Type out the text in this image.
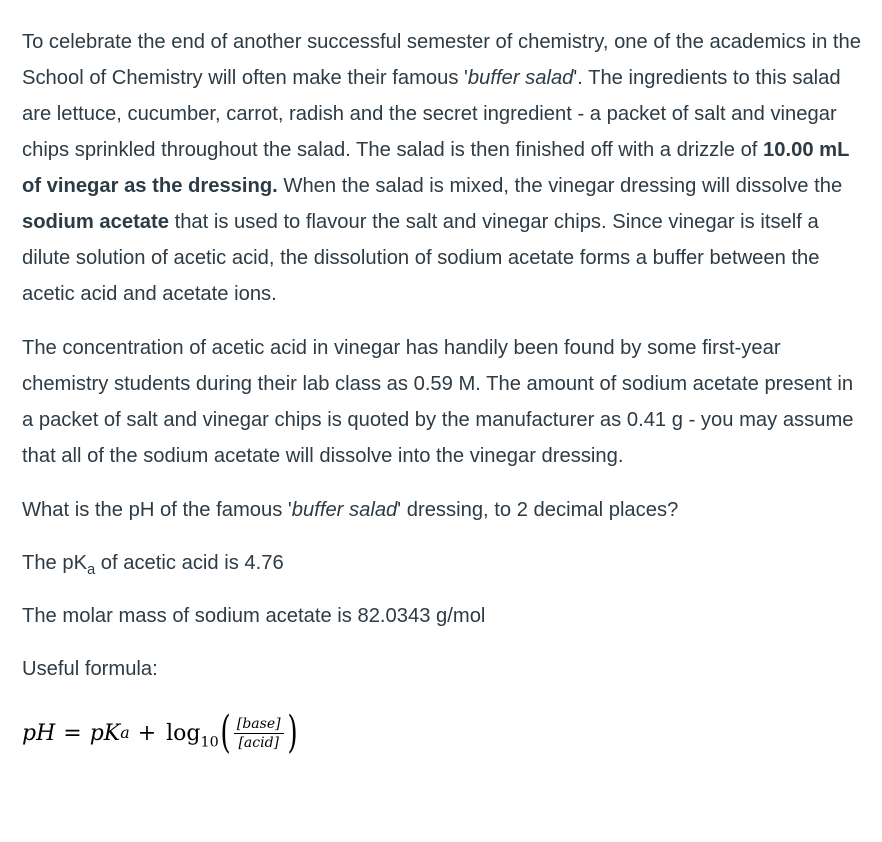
To celebrate the end of another successful semester of chemistry, one of the academics in the School of Chemistry will often make their famous 'buffer salad'. The ingredients to this salad are lettuce, cucumber, carrot, radish and the secret ingredient - a packet of salt and vinegar chips sprinkled throughout the salad. The salad is then finished off with a drizzle of 10.00 mL of vinegar as the dressing. When the salad is mixed, the vinegar dressing will dissolve the sodium acetate that is used to flavour the salt and vinegar chips. Since vinegar is itself a dilute solution of acetic acid, the dissolution of sodium acetate forms a buffer between the acetic acid and acetate ions.

The concentration of acetic acid in vinegar has handily been found by some first-year chemistry students during their lab class as 0.59 M. The amount of sodium acetate present in a packet of salt and vinegar chips is quoted by the manufacturer as 0.41 g - you may assume that all of the sodium acetate will dissolve into the vinegar dressing.

What is the pH of the famous 'buffer salad' dressing, to 2 decimal places?

The $pK_a$ of acetic acid is 4.76

The molar mass of sodium acetate is 82.0343 g/mol

Useful formula:

pH = pK $a + \log_{10}$ ( $\frac{\text{[base]}}{\text{[acid]}}$ )
